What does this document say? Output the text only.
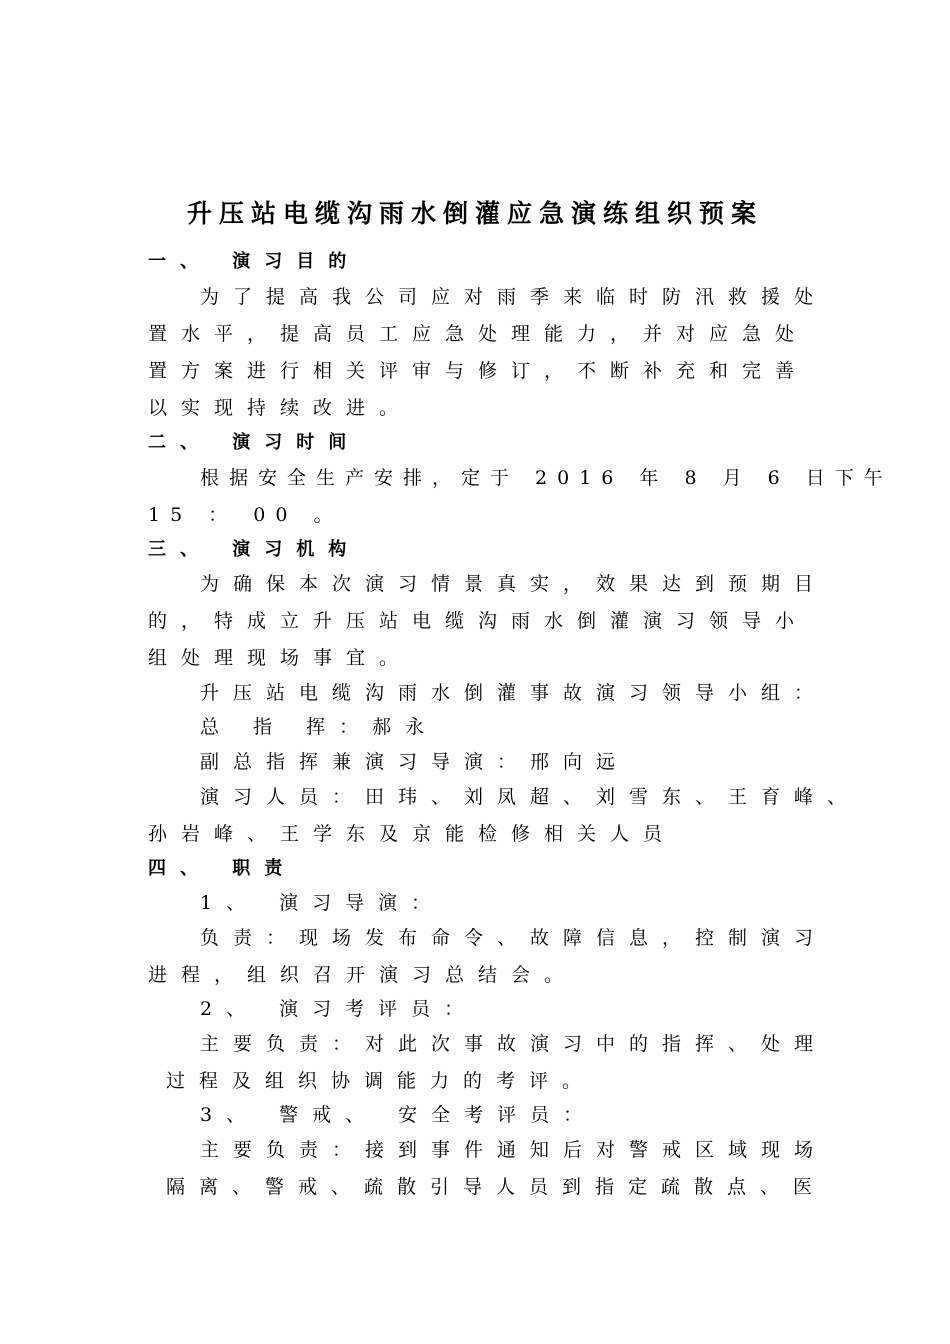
升压站电缆沟雨水倒灌应急演练组织预案

一、 演习目的

为了提高我公司应对雨季来临时防汛救援处

置水平，提高员工应急处理能力，并对应急处

置方案进行相关评审与修订，不断补充和完善

以实现持续改进。

二、 演习时间

根据安全生产安排，定于 2016 年 8 月 6 日下午

15 ： 00 。

三、 演习机构

为确保本次演习情景真实，效果达到预期目

的，特成立升压站电缆沟雨水倒灌演习领导小

组处理现场事宜。

升压站电缆沟雨水倒灌事故演习领导小组：

总 指 挥：郝永

副总指挥兼演习导演：邢向远

演习人员：田玮、刘凤超、刘雪东、王育峰、

孙岩峰、王学东及京能检修相关人员

四、 职责

1、 演习导演：

负责：现场发布命令、故障信息，控制演习

进程，组织召开演习总结会。

2、 演习考评员：

主要负责：对此次事故演习中的指挥、处理

过程及组织协调能力的考评。

3、 警戒、 安全考评员：

主要负责：接到事件通知后对警戒区域现场

隔离、警戒、疏散引导人员到指定疏散点、医
